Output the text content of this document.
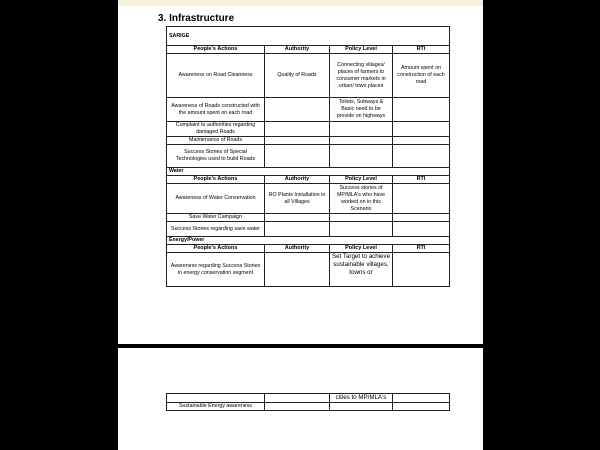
3. Infrastructure
SARIGE			
People's Actions	Authority	Policy Level	RTI
Awareness on Road Cleanness	Quality of Roads	Connecting villages/ places of farmers to consumer markets in urban/ town places	Amount spent on construction of each road
Awareness of Roads constructed with the amount spent on each road		Toilets, Subways & Basic need to be provide on highways	
Complaint to authorities regarding damaged Roads			
Maintenance of Roads			
Success Stories of Special Technologies used to build Roads			
Water			
People's Actions	Authority	Policy Level	RTI
Awareness of Water Conservation	RO Plants Installation in all Villages	Success stories of MP/MLA's who have worked on in this Scenario	
Save Water Campaign			
Success Stories regarding save water			
Energy/Power			
People's Actions	Authority	Policy Level	RTI
Awareness regarding Success Stories in energy conservation segment		Set Target to achieve sustainable villages, towns or	
		cities to MP/MLA's	
Sustainable Energy awareness			
